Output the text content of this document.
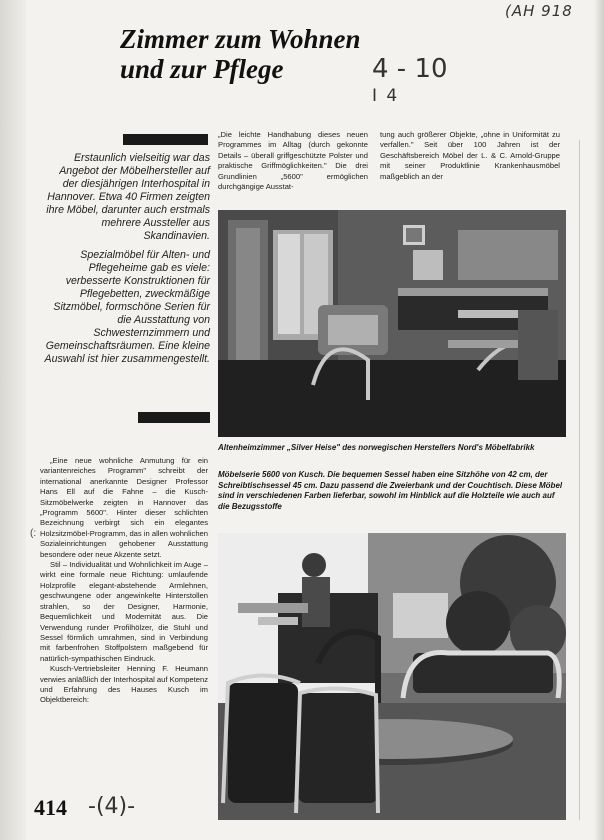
(AH 918
Zimmer zum Wohnen
und zur Pflege	4 - 10
I 4

Erstaunlich vielseitig war das Angebot der Möbelhersteller auf der diesjährigen Interhospital in Hannover. Etwa 40 Firmen zeigten ihre Möbel, darunter auch erstmals mehrere Aussteller aus Skandinavien.

Spezialmöbel für Alten- und Pflegeheime gab es viele: verbesserte Konstruktionen für Pflegebetten, zweckmäßige Sitzmöbel, formschöne Serien für die Ausstattung von Schwesternzimmern und Gemeinschaftsräumen. Eine kleine Auswahl ist hier zusammengestellt.

„Die leichte Handhabung dieses neuen Programmes im Alltag (durch gekonnte Details – überall griffgeschützte Polster und praktische Griffmöglichkeiten." Die drei Grundlinien „5600" ermöglichen durchgängige Ausstat-
tung auch größerer Objekte, „ohne in Uniformität zu verfallen." Seit über 100 Jahren ist der Geschäftsbereich Möbel der L. & C. Arnold-Gruppe mit seiner Produktlinie Krankenhausmöbel maßgeblich an der
Altenheimzimmer „Silver Heise" des norwegischen Herstellers Nord's Möbelfabrikk
Möbelserie 5600 von Kusch. Die bequemen Sessel haben eine Sitzhöhe von 42 cm, der Schreibtischsessel 45 cm. Dazu passend die Zweierbank und der Couchtisch. Diese Möbel sind in verschiedenen Farben lieferbar, sowohl im Hinblick auf die Holzteile wie auch auf die Bezugsstoffe

„Eine neue wohnliche Anmutung für ein variantenreiches Programm" schreibt der international anerkannte Designer Professor Hans Ell auf die Fahne – die Kusch-Sitzmöbelwerke zeigten in Hannover das „Programm 5600". Hinter dieser schlichten Bezeichnung verbirgt sich ein elegantes Holzsitzmöbel-Programm, das in allen wohnlichen Sozialeinrichtungen gehobener Ausstattung besondere oder neue Akzente setzt.

Stil – Individualität und Wohnlichkeit im Auge – wirkt eine formale neue Richtung: umlaufende Holzprofile elegant-abstehende Armlehnen, geschwungene oder angewinkelte Hinterstollen strahlen, so der Designer, Harmonie, Bequemlichkeit und Modernität aus. Die Verwendung runder Profilhölzer, die Stuhl und Sessel förmlich umrahmen, sind in Verbindung mit farbenfrohen Stoffpolstern maßgebend für natürlich-sympathischen Eindruck.

Kusch-Vertriebsleiter Henning F. Heumann verwies anläßlich der Interhospital auf Kompetenz und Erfahrung des Hauses Kusch im Objektbereich:

(:
414 -(4)-
